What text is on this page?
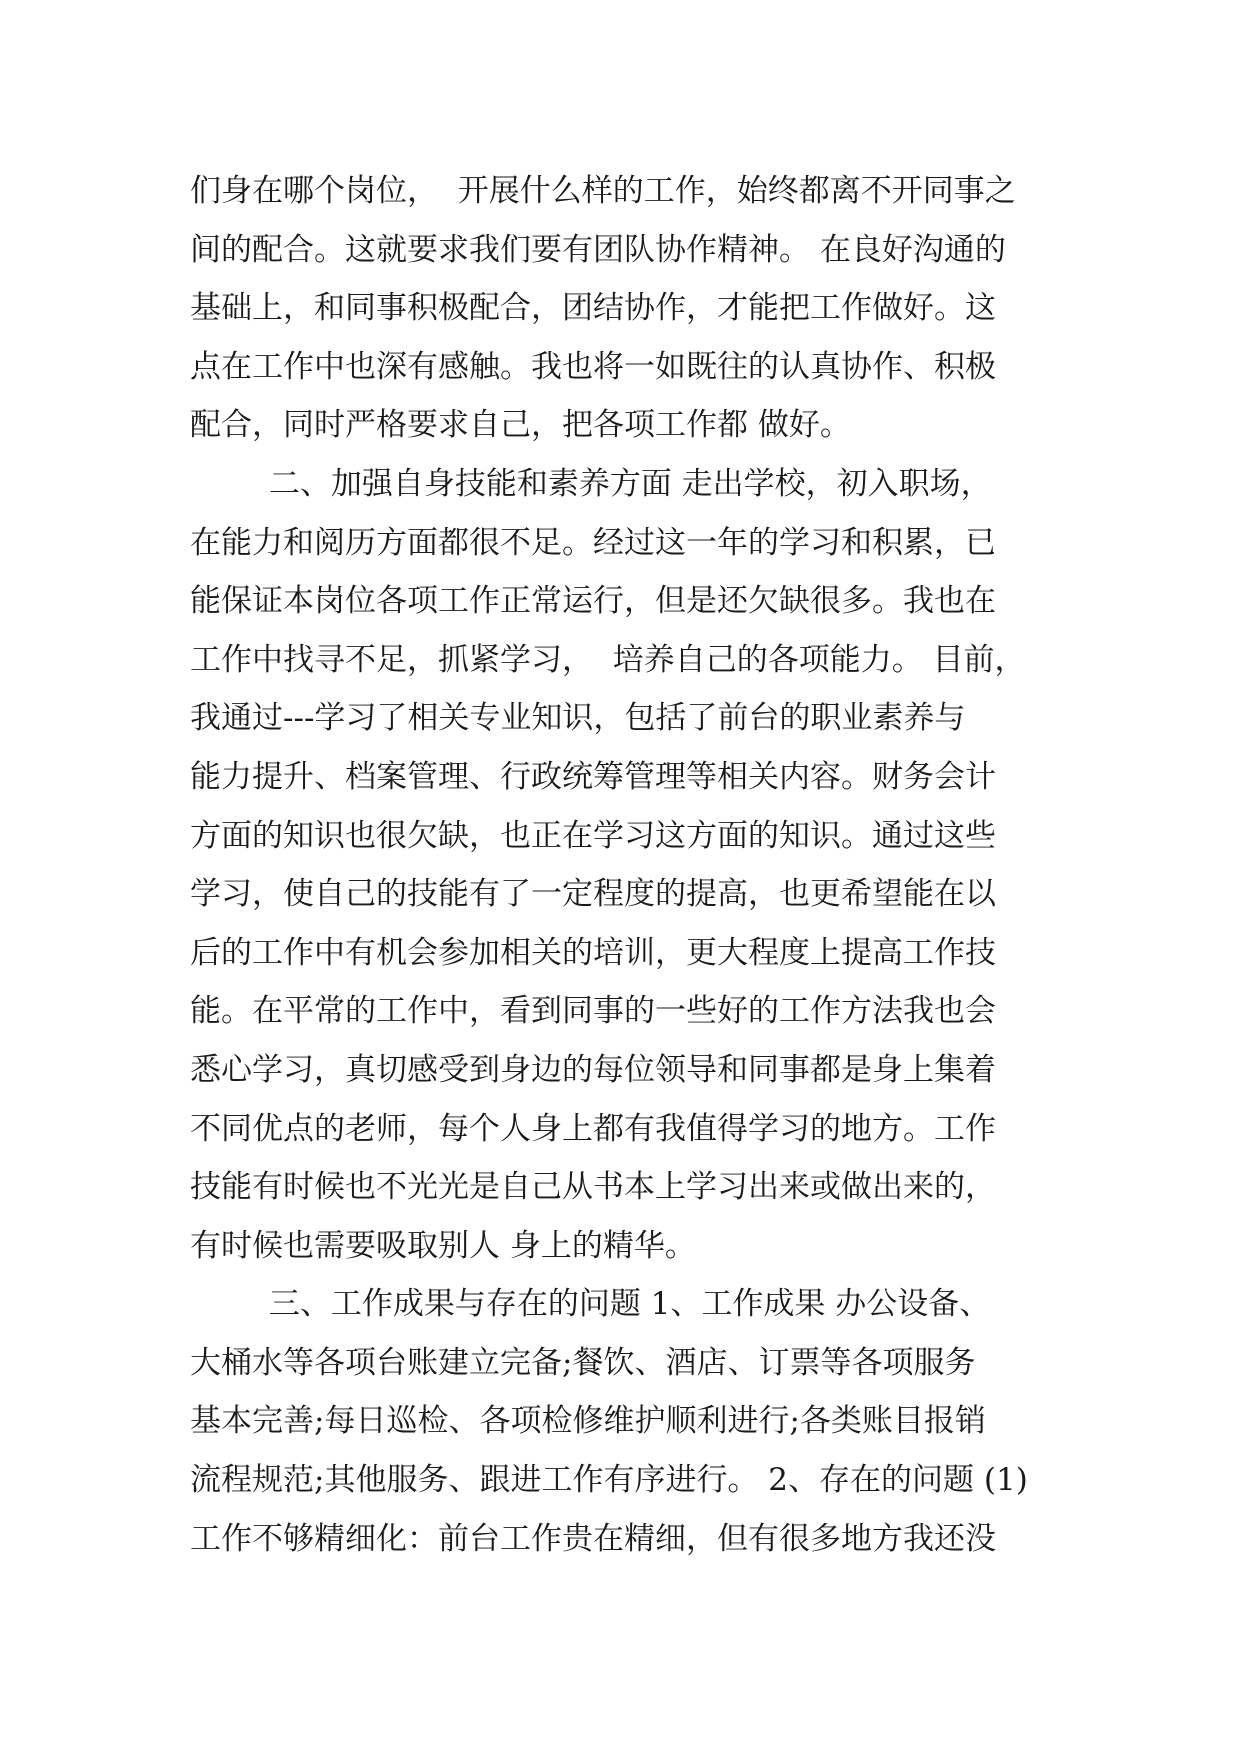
们身在哪个岗位，  开展什么样的工作，始终都离不开同事之
间的配合。这就要求我们要有团队协作精神。 在良好沟通的
基础上，和同事积极配合，团结协作，才能把工作做好。这
点在工作中也深有感触。我也将一如既往的认真协作、积极
配合，同时严格要求自己，把各项工作都 做好。
二、加强自身技能和素养方面 走出学校，初入职场，
在能力和阅历方面都很不足。经过这一年的学习和积累，已
能保证本岗位各项工作正常运行，但是还欠缺很多。我也在
工作中找寻不足，抓紧学习，  培养自己的各项能力。 目前，
我通过---学习了相关专业知识，包括了前台的职业素养与
能力提升、档案管理、行政统筹管理等相关内容。财务会计
方面的知识也很欠缺，也正在学习这方面的知识。通过这些
学习，使自己的技能有了一定程度的提高，也更希望能在以
后的工作中有机会参加相关的培训，更大程度上提高工作技
能。在平常的工作中，看到同事的一些好的工作方法我也会
悉心学习，真切感受到身边的每位领导和同事都是身上集着
不同优点的老师，每个人身上都有我值得学习的地方。工作
技能有时候也不光光是自己从书本上学习出来或做出来的，
有时候也需要吸取别人 身上的精华。
三、工作成果与存在的问题 1、工作成果 办公设备、
大桶水等各项台账建立完备;餐饮、酒店、订票等各项服务
基本完善;每日巡检、各项检修维护顺利进行;各类账目报销
流程规范;其他服务、跟进工作有序进行。 2、存在的问题 (1)
工作不够精细化：前台工作贵在精细，但有很多地方我还没
